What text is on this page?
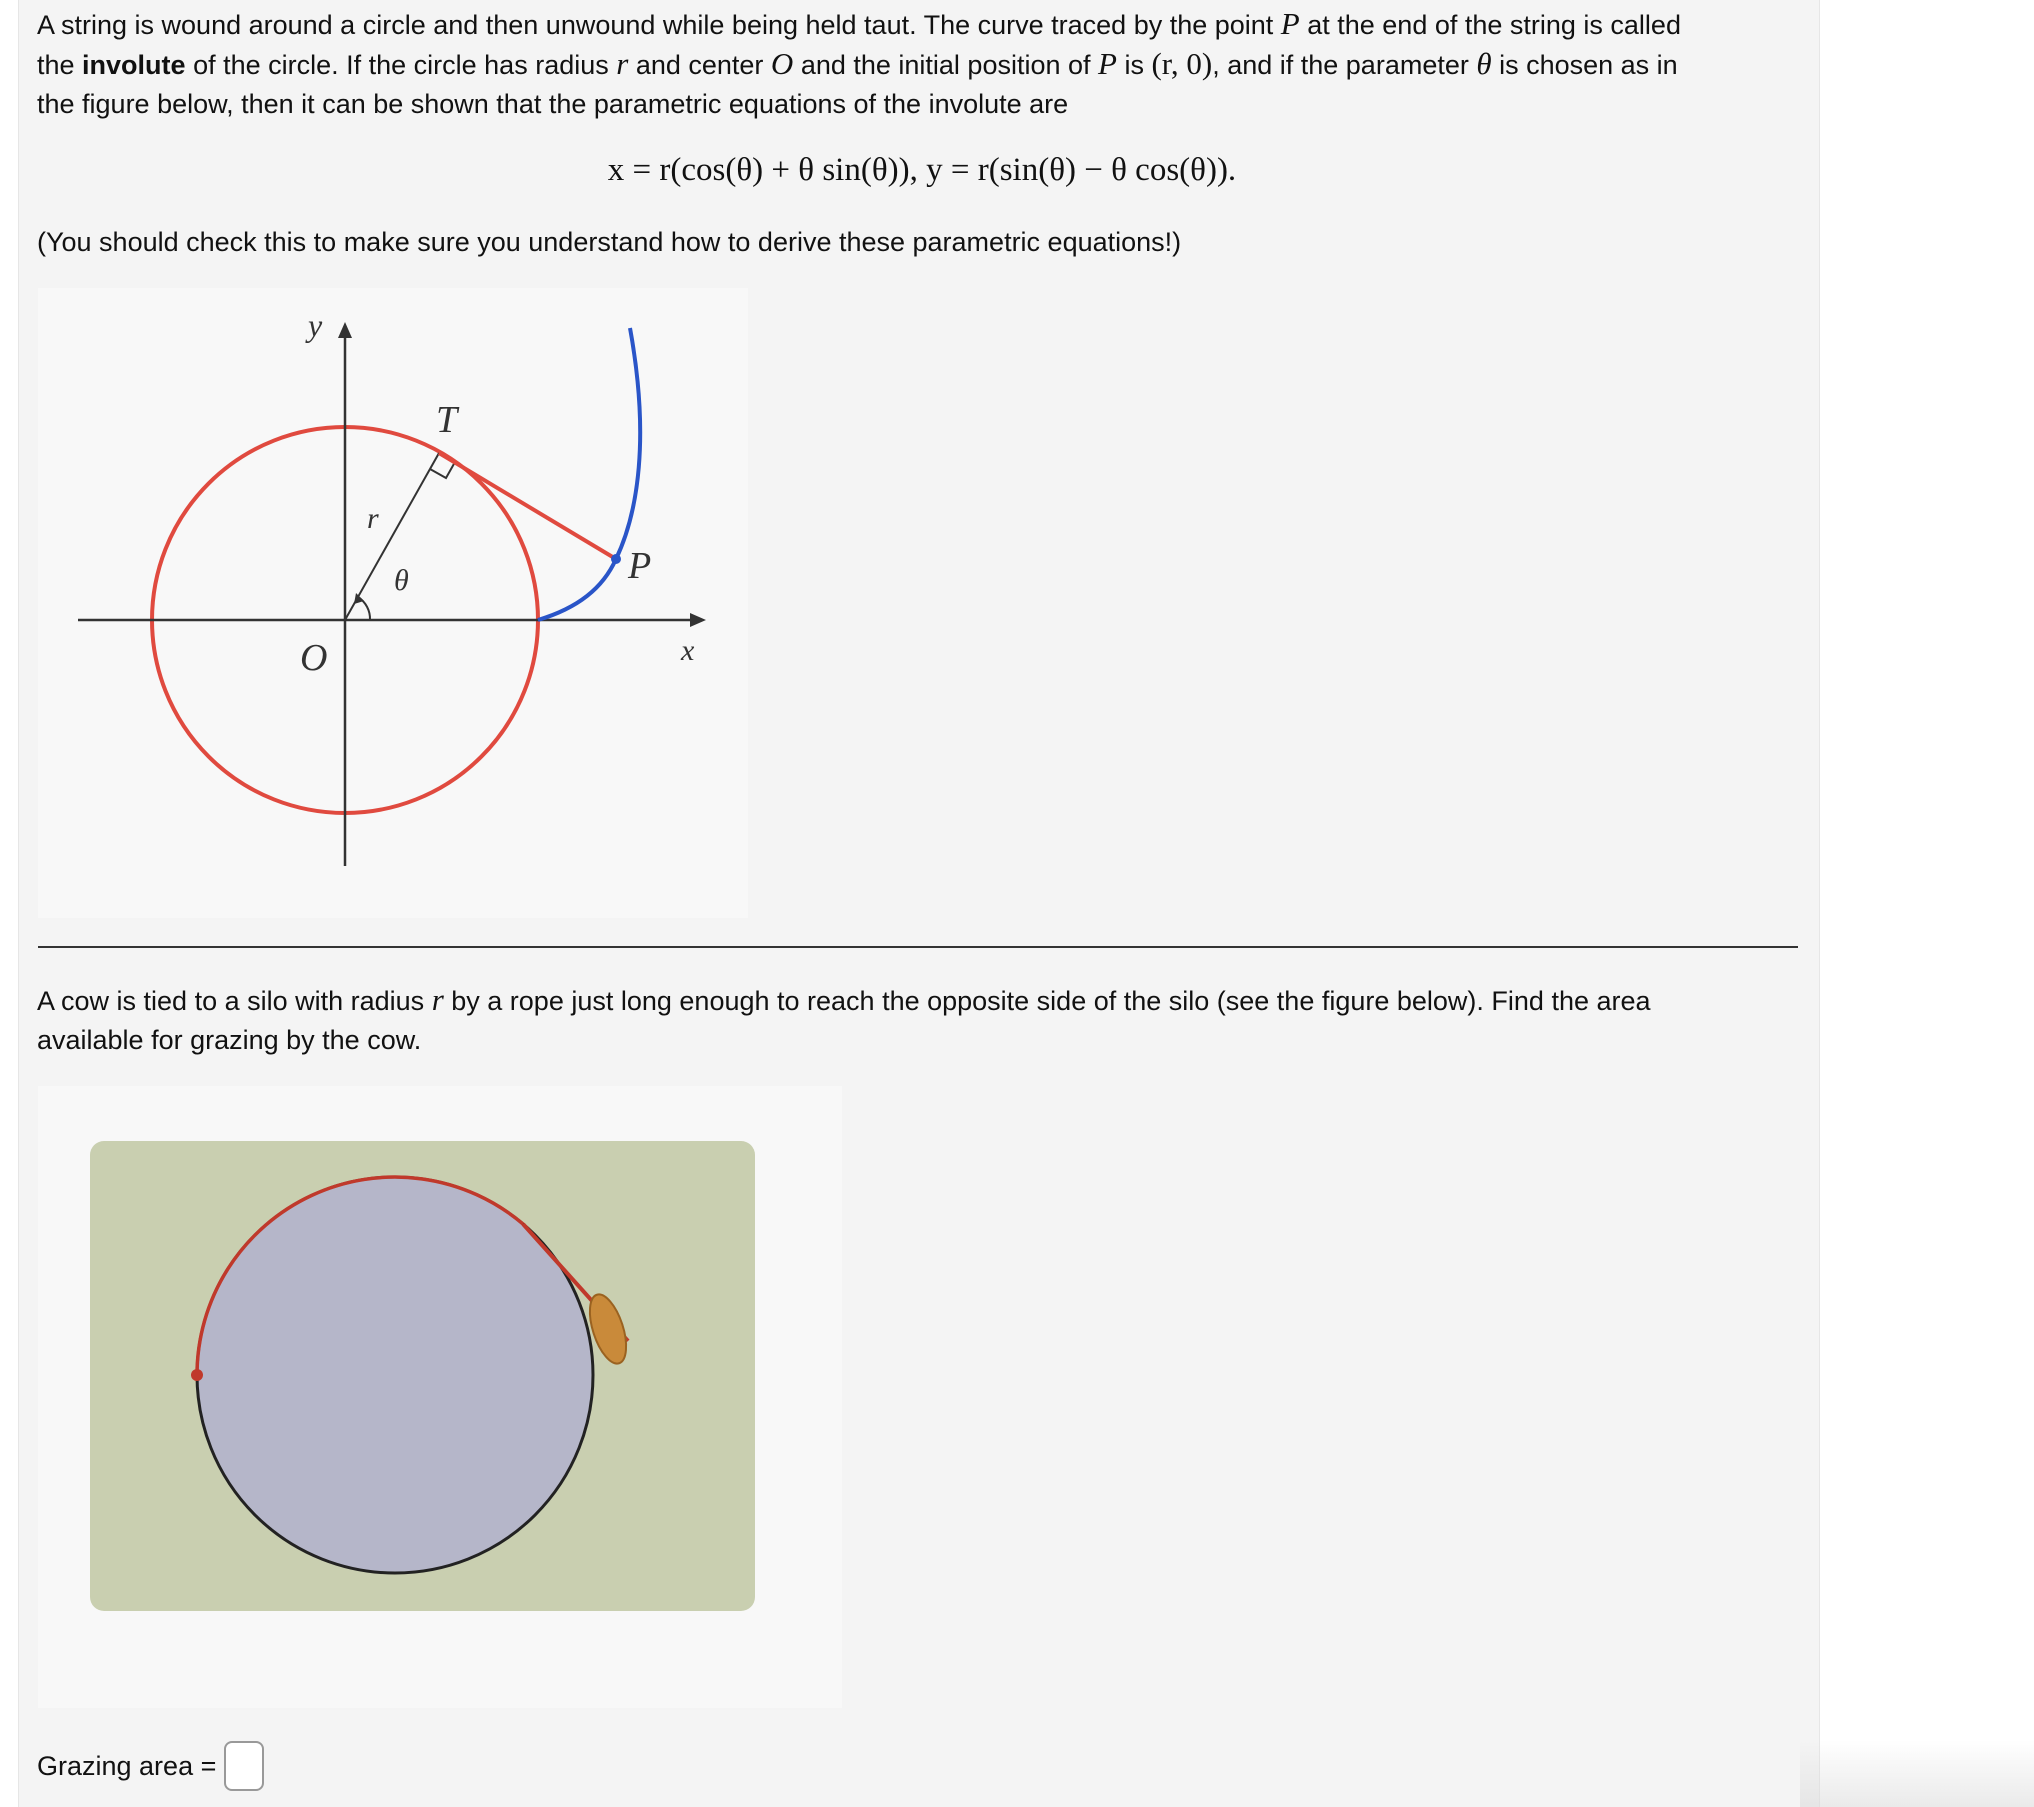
A string is wound around a circle and then unwound while being held taut. The curve traced by the point P at the end of the string is called

the involute of the circle. If the circle has radius r and center O and the initial position of P is (r, 0), and if the parameter θ is chosen as in

the figure below, then it can be shown that the parametric equations of the involute are

x = r(cos(θ) + θ sin(θ)), y = r(sin(θ) − θ cos(θ)).

(You should check this to make sure you understand how to derive these parametric equations!)

A cow is tied to a silo with radius r by a rope just long enough to reach the opposite side of the silo (see the figure below). Find the area

available for grazing by the cow.

y
x
T
r
θ	P
O
Grazing area =
